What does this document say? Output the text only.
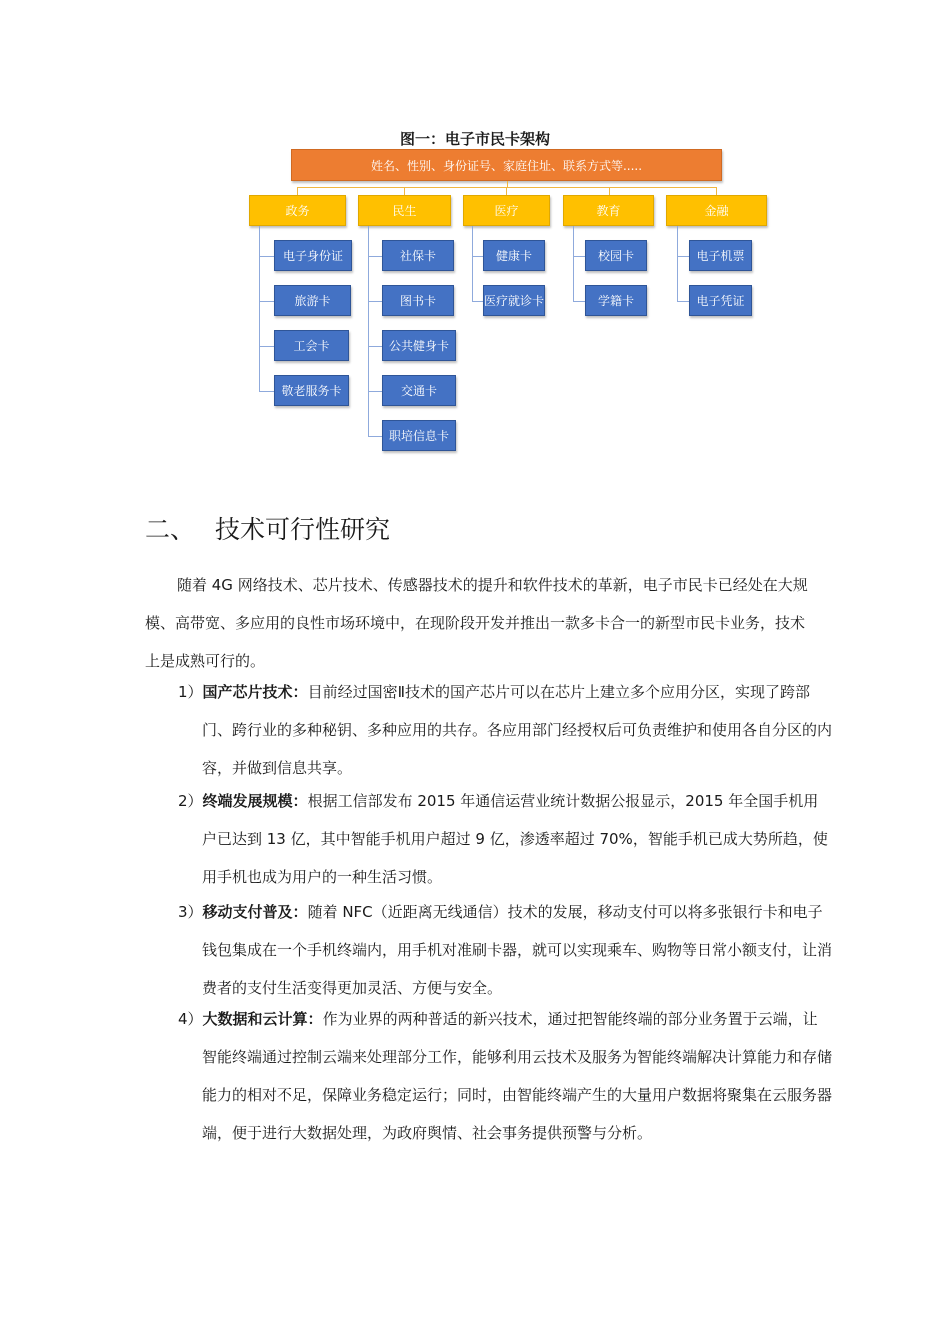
图一：电子市民卡架构
姓名、性别、身份证号、家庭住址、联系方式等.....
政务	民生	医疗	教育	金融
电子身份证
旅游卡
工会卡
敬老服务卡
社保卡
图书卡
公共健身卡
交通卡
职培信息卡
健康卡
医疗就诊卡
校园卡
学籍卡
电子机票
电子凭证
二、 技术可行性研究
随着 4G 网络技术、芯片技术、传感器技术的提升和软件技术的革新，电子市民卡已经处在大规模、高带宽、多应用的良性市场环境中，在现阶段开发并推出一款多卡合一的新型市民卡业务，技术上是成熟可行的。
1）国产芯片技术：目前经过国密Ⅱ技术的国产芯片可以在芯片上建立多个应用分区，实现了跨部门、跨行业的多种秘钥、多种应用的共存。各应用部门经授权后可负责维护和使用各自分区的内容，并做到信息共享。
2）终端发展规模：根据工信部发布 2015 年通信运营业统计数据公报显示，2015 年全国手机用户已达到 13 亿，其中智能手机用户超过 9 亿，渗透率超过 70%，智能手机已成大势所趋，使用手机也成为用户的一种生活习惯。
3）移动支付普及：随着 NFC（近距离无线通信）技术的发展，移动支付可以将多张银行卡和电子钱包集成在一个手机终端内，用手机对准刷卡器，就可以实现乘车、购物等日常小额支付，让消费者的支付生活变得更加灵活、方便与安全。
4）大数据和云计算：作为业界的两种普适的新兴技术，通过把智能终端的部分业务置于云端，让智能终端通过控制云端来处理部分工作，能够利用云技术及服务为智能终端解决计算能力和存储能力的相对不足，保障业务稳定运行；同时，由智能终端产生的大量用户数据将聚集在云服务器端，便于进行大数据处理，为政府舆情、社会事务提供预警与分析。
